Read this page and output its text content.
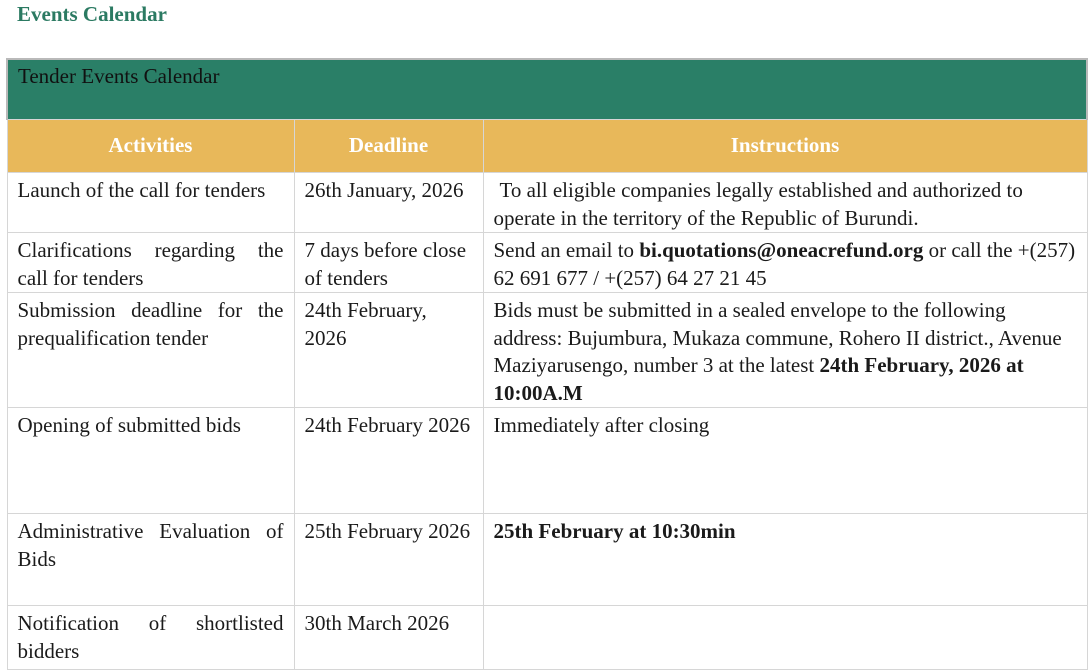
Events Calendar
Tender Events Calendar		
Activities	Deadline	Instructions
Launch of the call for tenders	26th January, 2026	To all eligible companies legally established and authorized to operate in the territory of the Republic of Burundi.
Clarifications regarding the call for tenders	7 days before close of tenders	Send an email to bi.quotations@oneacrefund.org or call the +(257) 62 691 677 / +(257) 64 27 21 45
Submission deadline for the prequalification tender	24th February, 2026	Bids must be submitted in a sealed envelope to the following address: Bujumbura, Mukaza commune, Rohero II district., Avenue Maziyarusengo, number 3 at the latest 24th February, 2026 at 10:00A.M
Opening of submitted bids	24th February 2026	Immediately after closing
Administrative Evaluation of Bids	25th February 2026	25th February at 10:30min
Notification of shortlisted bidders	30th March 2026	
